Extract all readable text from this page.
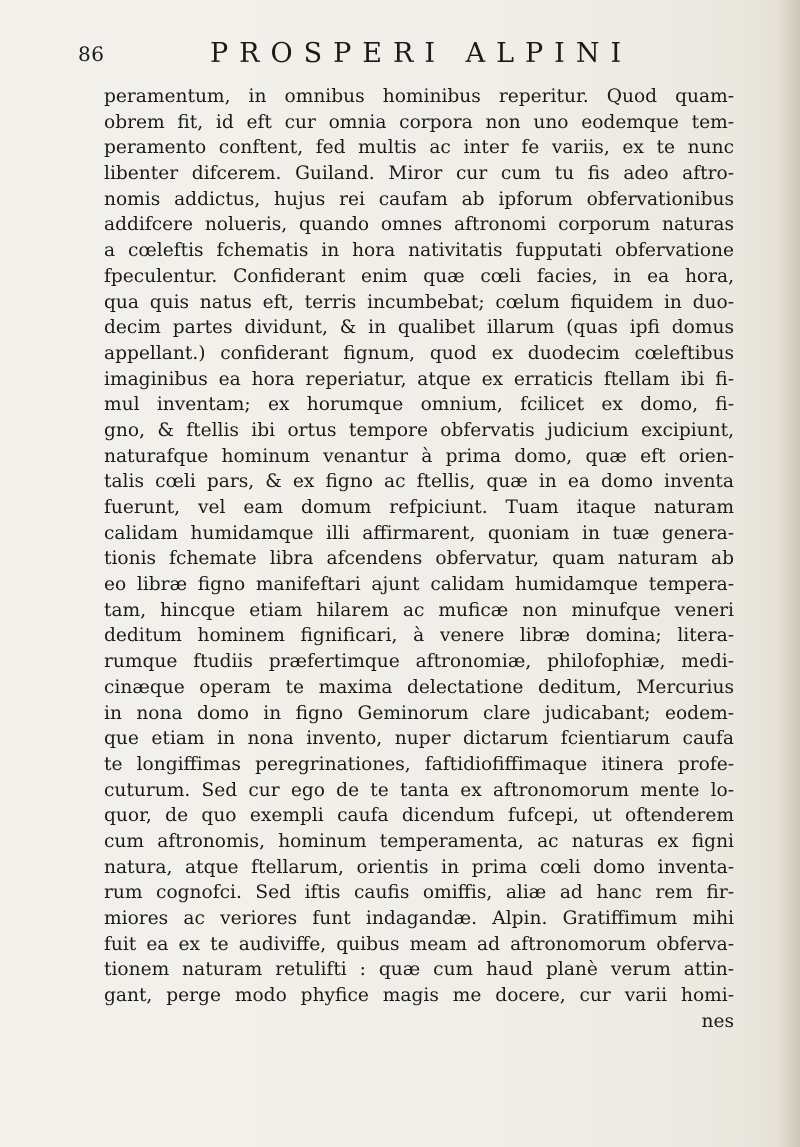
86	PROSPERI ALPINI
peramentum, in omnibus hominibus reperitur. Quod quam-
obrem fit, id eft cur omnia corpora non uno eodemque tem-
peramento conftent, fed multis ac inter fe variis, ex te nunc
libenter difcerem. Guiland. Miror cur cum tu fis adeo aftro-
nomis addictus, hujus rei caufam ab ipforum obfervationibus
addifcere nolueris, quando omnes aftronomi corporum naturas
a cœleftis fchematis in hora nativitatis fupputati obfervatione
fpeculentur. Confiderant enim quæ cœli facies, in ea hora,
qua quis natus eft, terris incumbebat; cœlum fiquidem in duo-
decim partes dividunt, & in qualibet illarum (quas ipfi domus
appellant.) confiderant fignum, quod ex duodecim cœleftibus
imaginibus ea hora reperiatur, atque ex erraticis ftellam ibi fi-
mul inventam; ex horumque omnium, fcilicet ex domo, fi-
gno, & ftellis ibi ortus tempore obfervatis judicium excipiunt,
naturafque hominum venantur à prima domo, quæ eft orien-
talis cœli pars, & ex figno ac ftellis, quæ in ea domo inventa
fuerunt, vel eam domum refpiciunt. Tuam itaque naturam
calidam humidamque illi affirmarent, quoniam in tuæ genera-
tionis fchemate libra afcendens obfervatur, quam naturam ab
eo libræ figno manifeftari ajunt calidam humidamque tempera-
tam, hincque etiam hilarem ac muficæ non minufque veneri
deditum hominem fignificari, à venere libræ domina; litera-
rumque ftudiis præfertimque aftronomiæ, philofophiæ, medi-
cinæque operam te maxima delectatione deditum, Mercurius
in nona domo in figno Geminorum clare judicabant; eodem-
que etiam in nona invento, nuper dictarum fcientiarum caufa
te longiffimas peregrinationes, faftidiofiffimaque itinera profe-
cuturum. Sed cur ego de te tanta ex aftronomorum mente lo-
quor, de quo exempli caufa dicendum fufcepi, ut oftenderem
cum aftronomis, hominum temperamenta, ac naturas ex figni
natura, atque ftellarum, orientis in prima cœli domo inventa-
rum cognofci. Sed iftis caufis omiffis, aliæ ad hanc rem fir-
miores ac veriores funt indagandæ. Alpin. Gratiffimum mihi
fuit ea ex te audiviffe, quibus meam ad aftronomorum obferva-
tionem naturam retulifti : quæ cum haud planè verum attin-
gant, perge modo phyfice magis me docere, cur varii homi-
nes
